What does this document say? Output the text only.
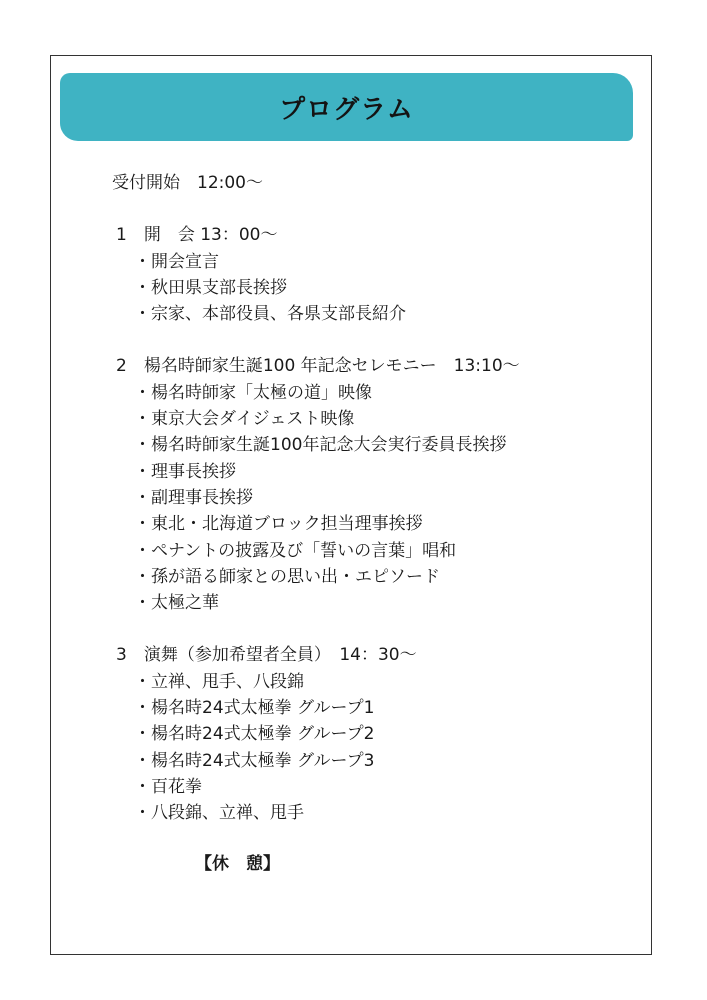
プログラム
受付開始　12:00～
1　開　会 13：00～
・開会宣言
・秋田県支部長挨拶
・宗家、本部役員、各県支部長紹介
2　楊名時師家生誕100 年記念セレモニー　13:10～
・楊名時師家「太極の道」映像
・東京大会ダイジェスト映像
・楊名時師家生誕100年記念大会実行委員長挨拶
・理事長挨拶
・副理事長挨拶
・東北・北海道ブロック担当理事挨拶
・ペナントの披露及び「誓いの言葉」唱和
・孫が語る師家との思い出・エピソード
・太極之華
3　演舞（参加希望者全員）　14：30～
・立禅、甩手、八段錦
・楊名時24式太極拳 グループ1
・楊名時24式太極拳 グループ2
・楊名時24式太極拳 グループ3
・百花拳
・八段錦、立禅、甩手
【休　憩】
